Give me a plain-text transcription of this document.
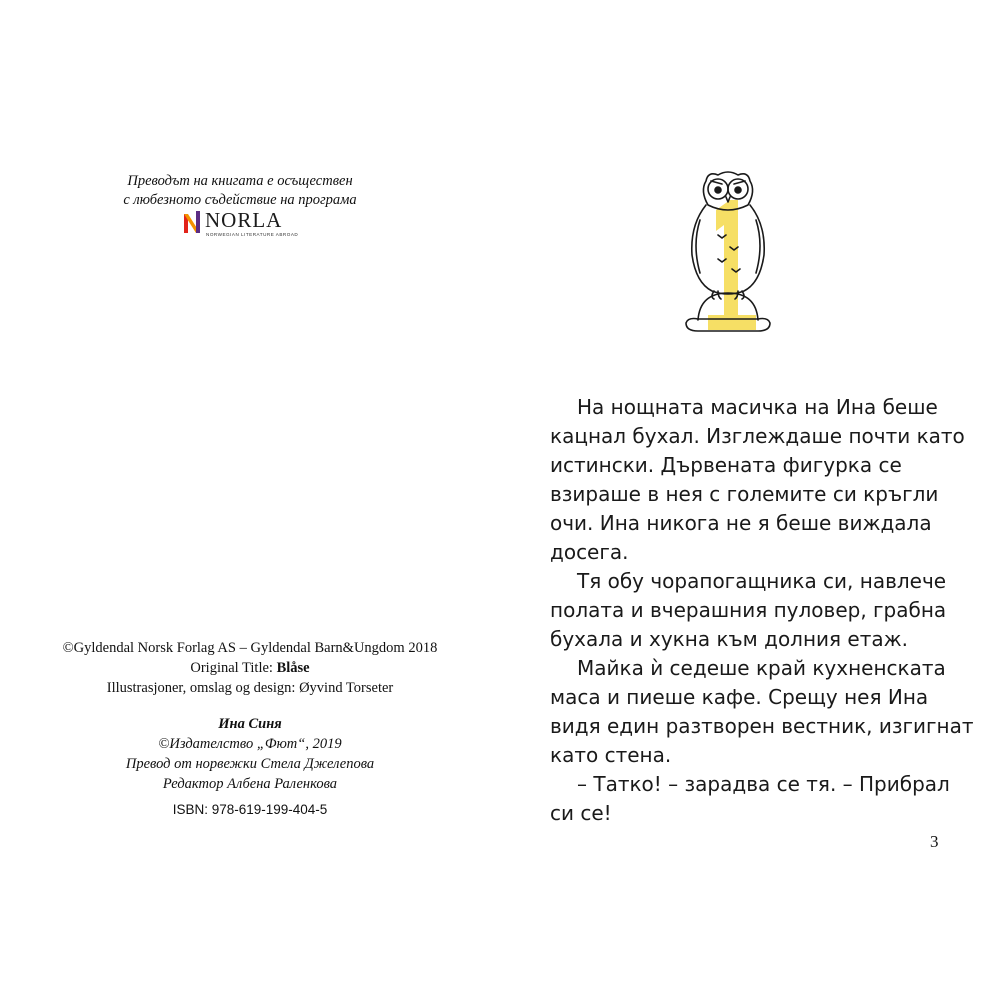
Преводът на книгата е осъществен
с любезното съдействие на програма
NORLA
NORWEGIAN LITERATURE ABROAD
©Gyldendal Norsk Forlag AS – Gyldendal Barn&Ungdom 2018
Original Title: Blåse
Illustrasjoner, omslag og design: Øyvind Torseter
Ина Синя
©Издателство „Фют“, 2019
Превод от норвежки Стела Джелепова
Редактор Албена Раленкова
ISBN: 978-619-199-404-5
На нощната масичка на Ина беше
кацнал бухал. Изглеждаше почти като
истински. Дървената фигурка се
взираше в нея с големите си кръгли
очи. Ина никога не я беше виждала
досега.
Тя обу чорапогащника си, навлече
полата и вчерашния пуловер, грабна
бухала и хукна към долния етаж.
Майка ѝ седеше край кухненската
маса и пиеше кафе. Срещу нея Ина
видя един разтворен вестник, изгигнат
като стена.
– Татко! – зарадва се тя. – Прибрал
си се!
3
